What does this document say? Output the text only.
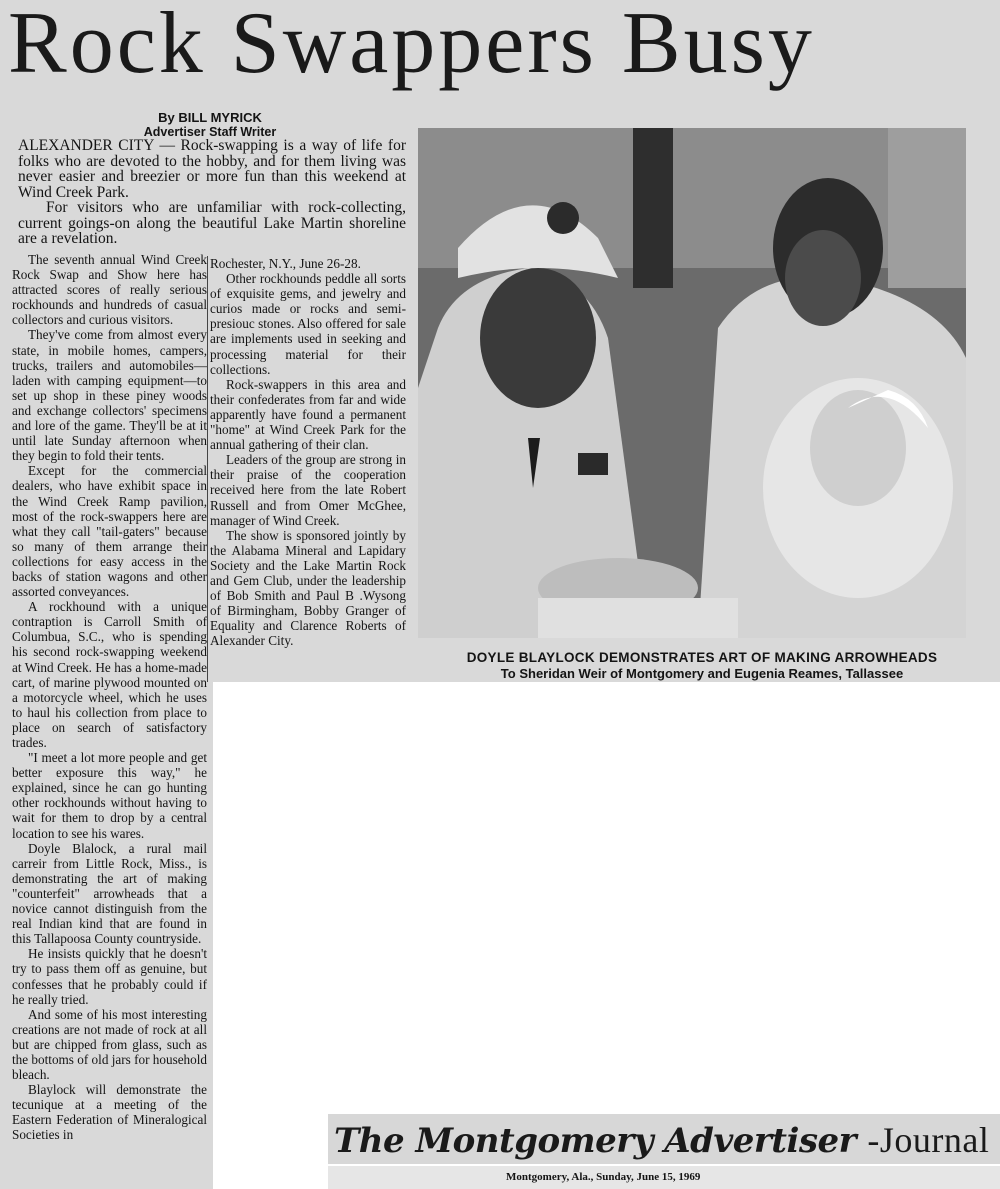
Rock Swappers Busy
By BILL MYRICK
Advertiser Staff Writer

ALEXANDER CITY — Rock-swapping is a way of life for folks who are devoted to the hobby, and for them living was never easier and breezier or more fun than this weekend at Wind Creek Park.

For visitors who are unfamiliar with rock-collecting, current goings-on along the beautiful Lake Martin shoreline are a revelation.

The seventh annual Wind Creek Rock Swap and Show here has attracted scores of really serious rockhounds and hundreds of casual collectors and curious visitors.

They've come from almost every state, in mobile homes, campers, trucks, trailers and automobiles—laden with camping equipment—to set up shop in these piney woods and exchange collectors' specimens and lore of the game. They'll be at it until late Sunday afternoon when they begin to fold their tents.

Except for the commercial dealers, who have exhibit space in the Wind Creek Ramp pavilion, most of the rock-swappers here are what they call "tail-gaters" because so many of them arrange their collections for easy access in the backs of station wagons and other assorted conveyances.

A rockhound with a unique contraption is Carroll Smith of Columbua, S.C., who is spending his second rock-swapping weekend at Wind Creek. He has a home-made cart, of marine plywood mounted on a motorcycle wheel, which he uses to haul his collection from place to place on search of satisfactory trades.

"I meet a lot more people and get better exposure this way," he explained, since he can go hunting other rockhounds without having to wait for them to drop by a central location to see his wares.

Doyle Blalock, a rural mail carreir from Little Rock, Miss., is demonstrating the art of making "counterfeit" arrowheads that a novice cannot distinguish from the real Indian kind that are found in this Tallapoosa County countryside.

He insists quickly that he doesn't try to pass them off as genuine, but confesses that he probably could if he really tried.

And some of his most interesting creations are not made of rock at all but are chipped from glass, such as the bottoms of old jars for household bleach.

Blaylock will demonstrate the tecunique at a meeting of the Eastern Federation of Mineralogical Societies in

Rochester, N.Y., June 26-28.

Other rockhounds peddle all sorts of exquisite gems, and jewelry and curios made or rocks and semi-presiouc stones. Also offered for sale are implements used in seeking and processing material for their collections.

Rock-swappers in this area and their confederates from far and wide apparently have found a permanent "home" at Wind Creek Park for the annual gathering of their clan.

Leaders of the group are strong in their praise of the cooperation received here from the late Robert Russell and from Omer McGhee, manager of Wind Creek.

The show is sponsored jointly by the Alabama Mineral and Lapidary Society and the Lake Martin Rock and Gem Club, under the leadership of Bob Smith and Paul B .Wysong of Birmingham, Bobby Granger of Equality and Clarence Roberts of Alexander City.

DOYLE BLAYLOCK DEMONSTRATES ART OF MAKING ARROWHEADS
To Sheridan Weir of Montgomery and Eugenia Reames, Tallassee
The Montgomery Advertiser -Journal
Montgomery, Ala., Sunday, June 15, 1969
